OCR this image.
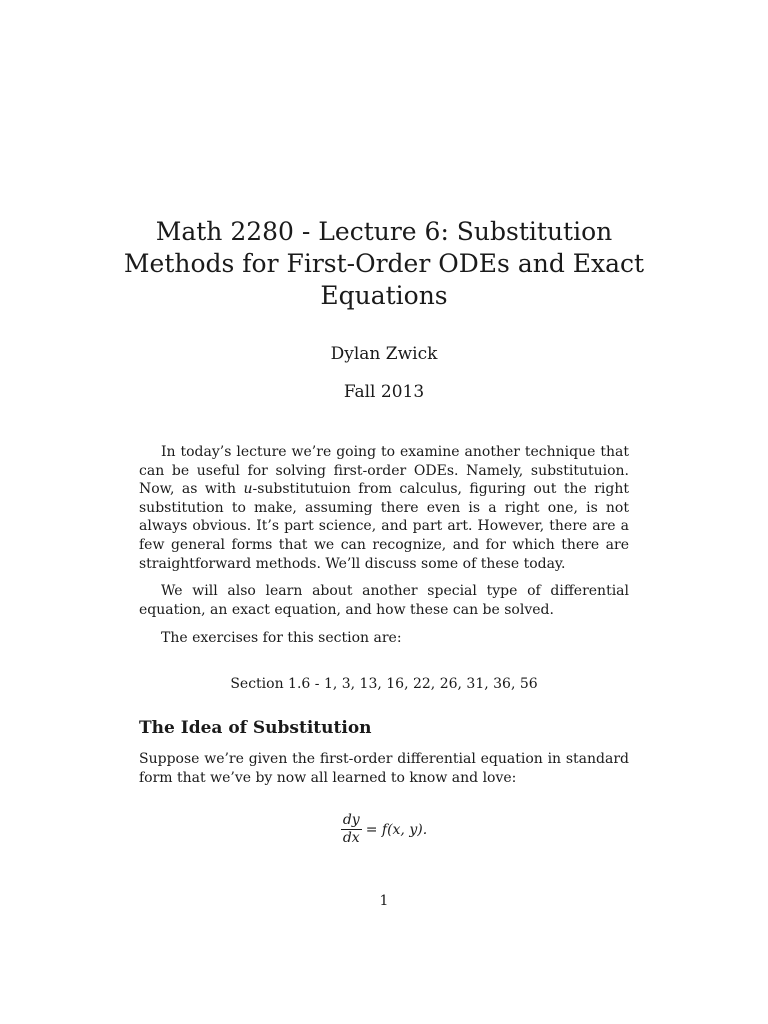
Math 2280 - Lecture 6: Substitution Methods for First-Order ODEs and Exact Equations
Dylan Zwick
Fall 2013

In today’s lecture we’re going to examine another technique that can be useful for solving first-order ODEs. Namely, substitutuion. Now, as with u-substitutuion from calculus, figuring out the right substitution to make, assuming there even is a right one, is not always obvious. It’s part science, and part art. However, there are a few general forms that we can recognize, and for which there are straightforward methods. We’ll discuss some of these today.

We will also learn about another special type of differential equation, an exact equation, and how these can be solved.

The exercises for this section are:

Section 1.6 - 1, 3, 13, 16, 22, 26, 31, 36, 56
The Idea of Substitution

Suppose we’re given the first-order differential equation in standard form that we’ve by now all learned to know and love:

$\frac{dy}{dx} = f(x$, y).
1
